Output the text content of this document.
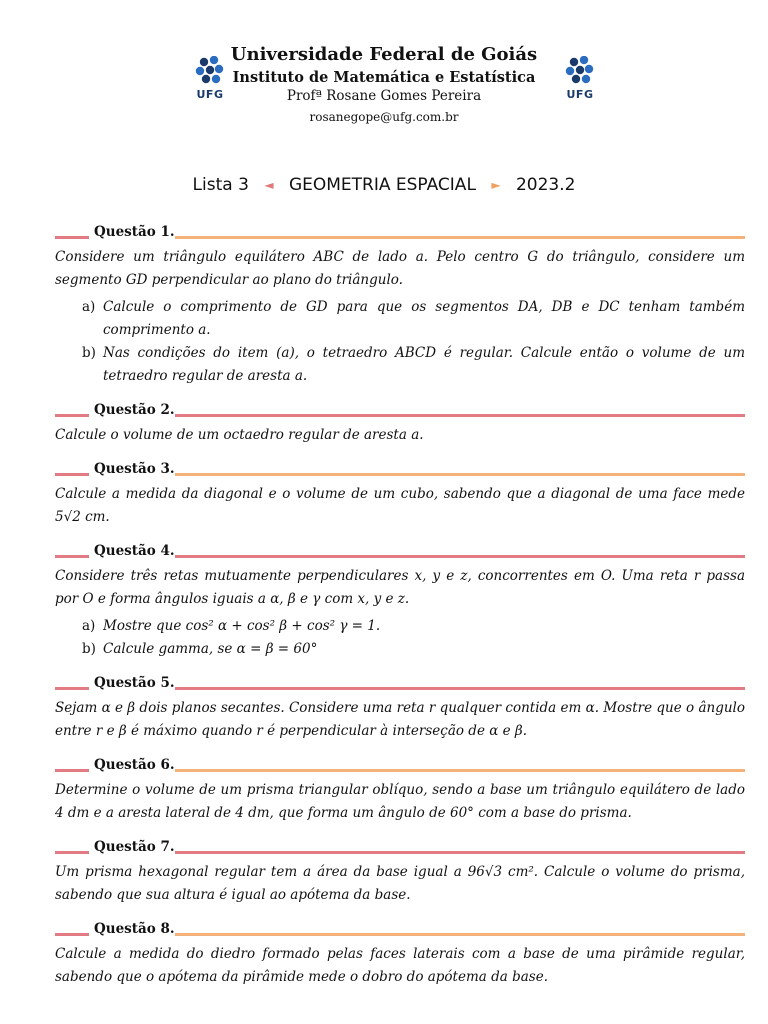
UFG
Universidade Federal de Goiás
Instituto de Matemática e Estatística
Profª Rosane Gomes Pereira
rosanegope@ufg.com.br
UFG
Lista 3 ◄ GEOMETRIA ESPACIAL ► 2023.2
Questão 1.
Considere um triângulo equilátero ABC de lado a. Pelo centro G do triângulo, considere um segmento GD perpendicular ao plano do triângulo.
a) Calcule o comprimento de GD para que os segmentos DA, DB e DC tenham também comprimento a.
b) Nas condições do item (a), o tetraedro ABCD é regular. Calcule então o volume de um tetraedro regular de aresta a.
Questão 2.
Calcule o volume de um octaedro regular de aresta a.
Questão 3.
Calcule a medida da diagonal e o volume de um cubo, sabendo que a diagonal de uma face mede 5√2 cm.
Questão 4.
Considere três retas mutuamente perpendiculares x, y e z, concorrentes em O. Uma reta r passa por O e forma ângulos iguais a α, β e γ com x, y e z.
a) Mostre que cos² α + cos² β + cos² γ = 1.
b) Calcule gamma, se α = β = 60°
Questão 5.
Sejam α e β dois planos secantes. Considere uma reta r qualquer contida em α. Mostre que o ângulo entre r e β é máximo quando r é perpendicular à interseção de α e β.
Questão 6.
Determine o volume de um prisma triangular oblíquo, sendo a base um triângulo equilátero de lado 4 dm e a aresta lateral de 4 dm, que forma um ângulo de 60° com a base do prisma.
Questão 7.
Um prisma hexagonal regular tem a área da base igual a 96√3 cm². Calcule o volume do prisma, sabendo que sua altura é igual ao apótema da base.
Questão 8.
Calcule a medida do diedro formado pelas faces laterais com a base de uma pirâmide regular, sabendo que o apótema da pirâmide mede o dobro do apótema da base.
